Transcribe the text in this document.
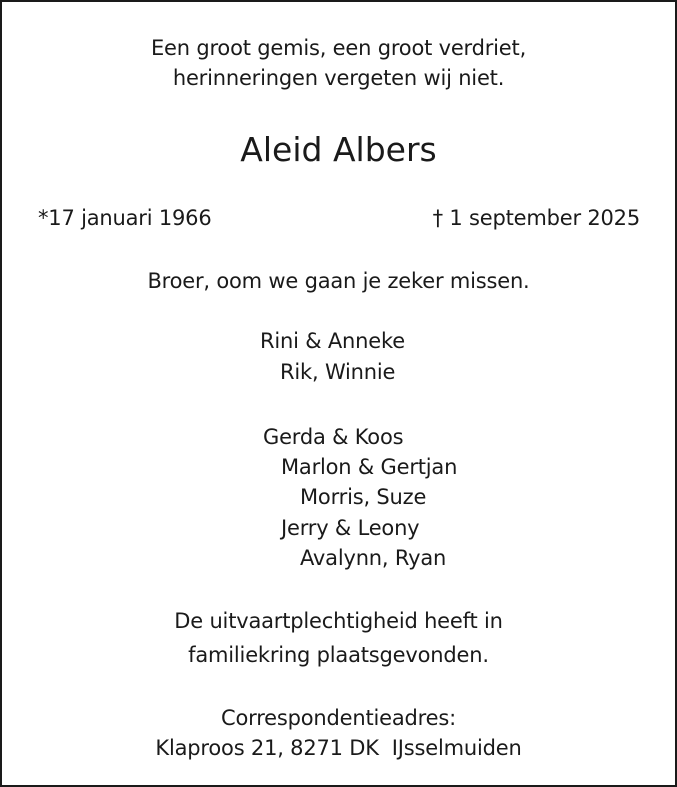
Een groot gemis, een groot verdriet,
herinneringen vergeten wij niet.
Aleid Albers
*17 januari 1966	† 1 september 2025
Broer, oom we gaan je zeker missen.
Rini & Anneke
Rik, Winnie
Gerda & Koos
Marlon & Gertjan
Morris, Suze
Jerry & Leony
Avalynn, Ryan
De uitvaartplechtigheid heeft in
familiekring plaatsgevonden.
Correspondentieadres:
Klaproos 21, 8271 DK  IJsselmuiden
